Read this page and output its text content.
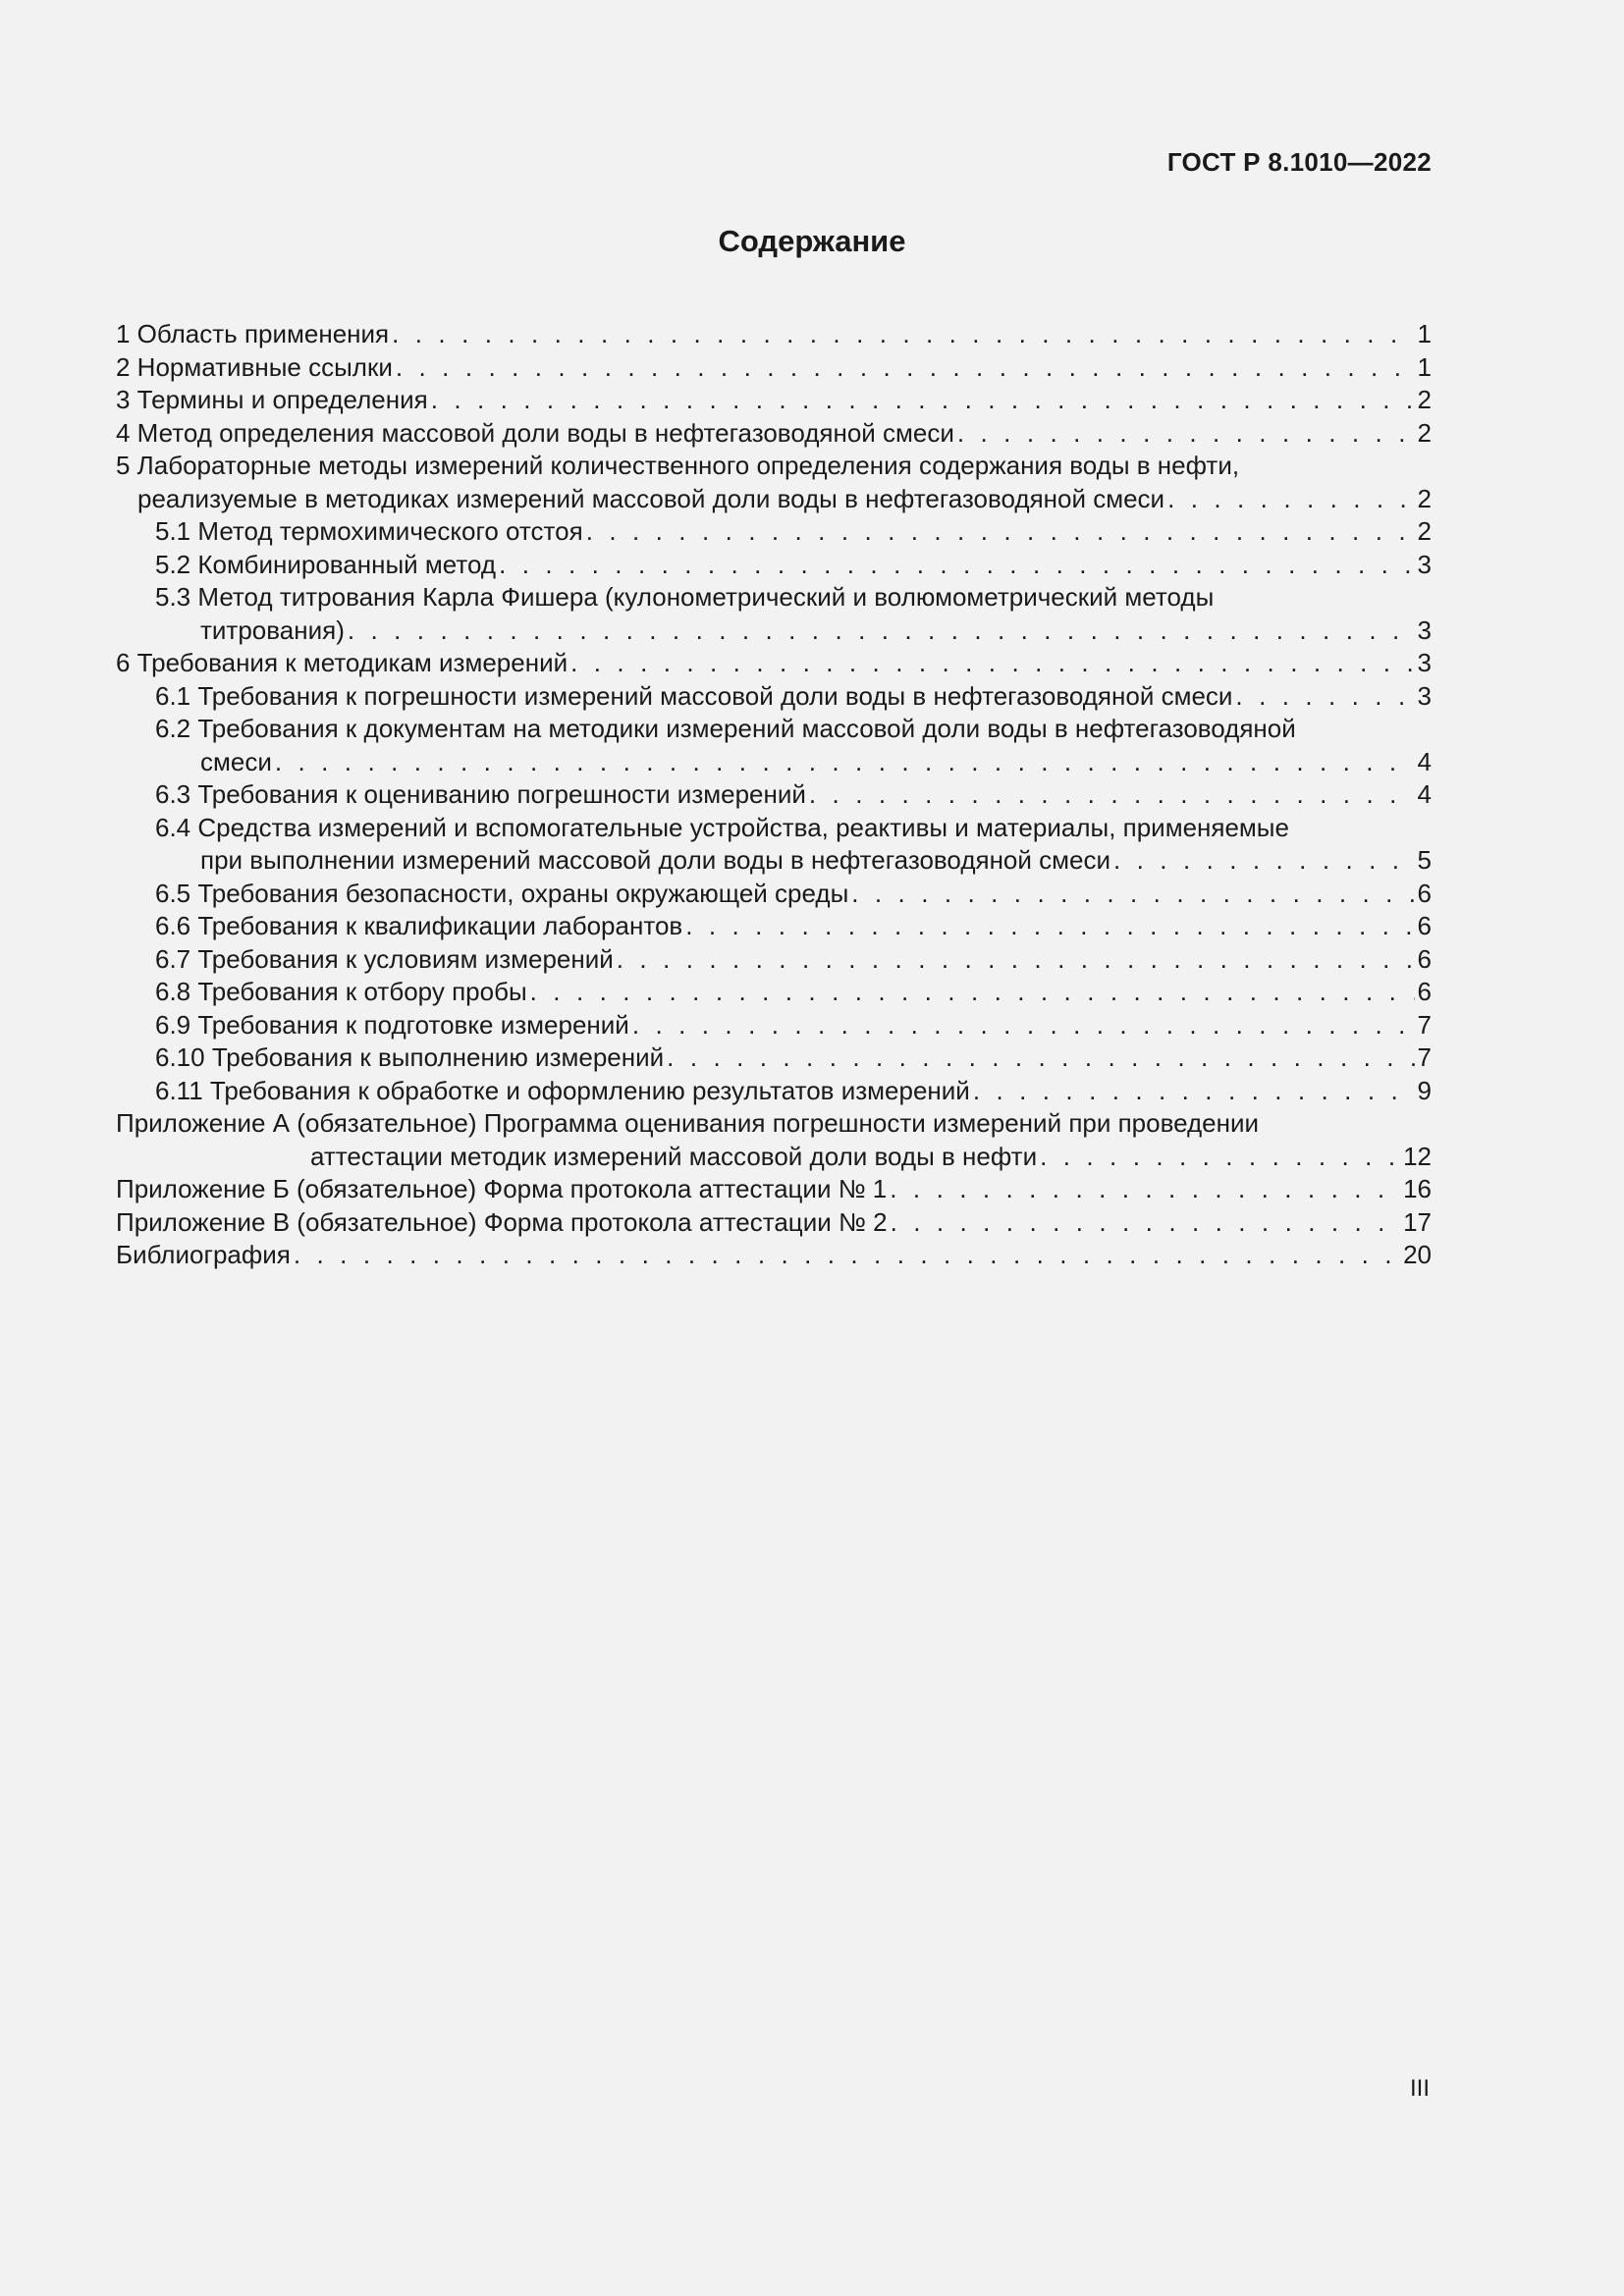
ГОСТ Р 8.1010—2022
Содержание
1 Область применения . . .	1
2 Нормативные ссылки . . .	1
3 Термины и определения . . .	2
4 Метод определения массовой доли воды в нефтегазоводяной смеси . . .	2
5 Лабораторные методы измерений количественного определения содержания воды в нефти,
реализуемые в методиках измерений массовой доли воды в нефтегазоводяной смеси . . .	2
5.1 Метод термохимического отстоя . . .	2
5.2 Комбинированный метод . . .	3
5.3 Метод титрования Карла Фишера (кулонометрический и волюмометрический методы
титрования) . . .	3
6 Требования к методикам измерений . . .	3
6.1 Требования к погрешности измерений массовой доли воды в нефтегазоводяной смеси . . .	3
6.2 Требования к документам на методики измерений массовой доли воды в нефтегазоводяной
смеси . . .	4
6.3 Требования к оцениванию погрешности измерений . . .	4
6.4 Средства измерений и вспомогательные устройства, реактивы и материалы, применяемые
при выполнении измерений массовой доли воды в нефтегазоводяной смеси . . .	5
6.5 Требования безопасности, охраны окружающей среды . . .	6
6.6 Требования к квалификации лаборантов . . .	6
6.7 Требования к условиям измерений . . .	6
6.8 Требования к отбору пробы . . .	6
6.9 Требования к подготовке измерений . . .	7
6.10 Требования к выполнению измерений . . .	7
6.11 Требования к обработке и оформлению результатов измерений . . .	9
Приложение А (обязательное) Программа оценивания погрешности измерений при проведении
аттестации методик измерений массовой доли воды в нефти . . .	12
Приложение Б (обязательное) Форма протокола аттестации № 1 . . .	16
Приложение В (обязательное) Форма протокола аттестации № 2 . . .	17
Библиография . . .	20
III
